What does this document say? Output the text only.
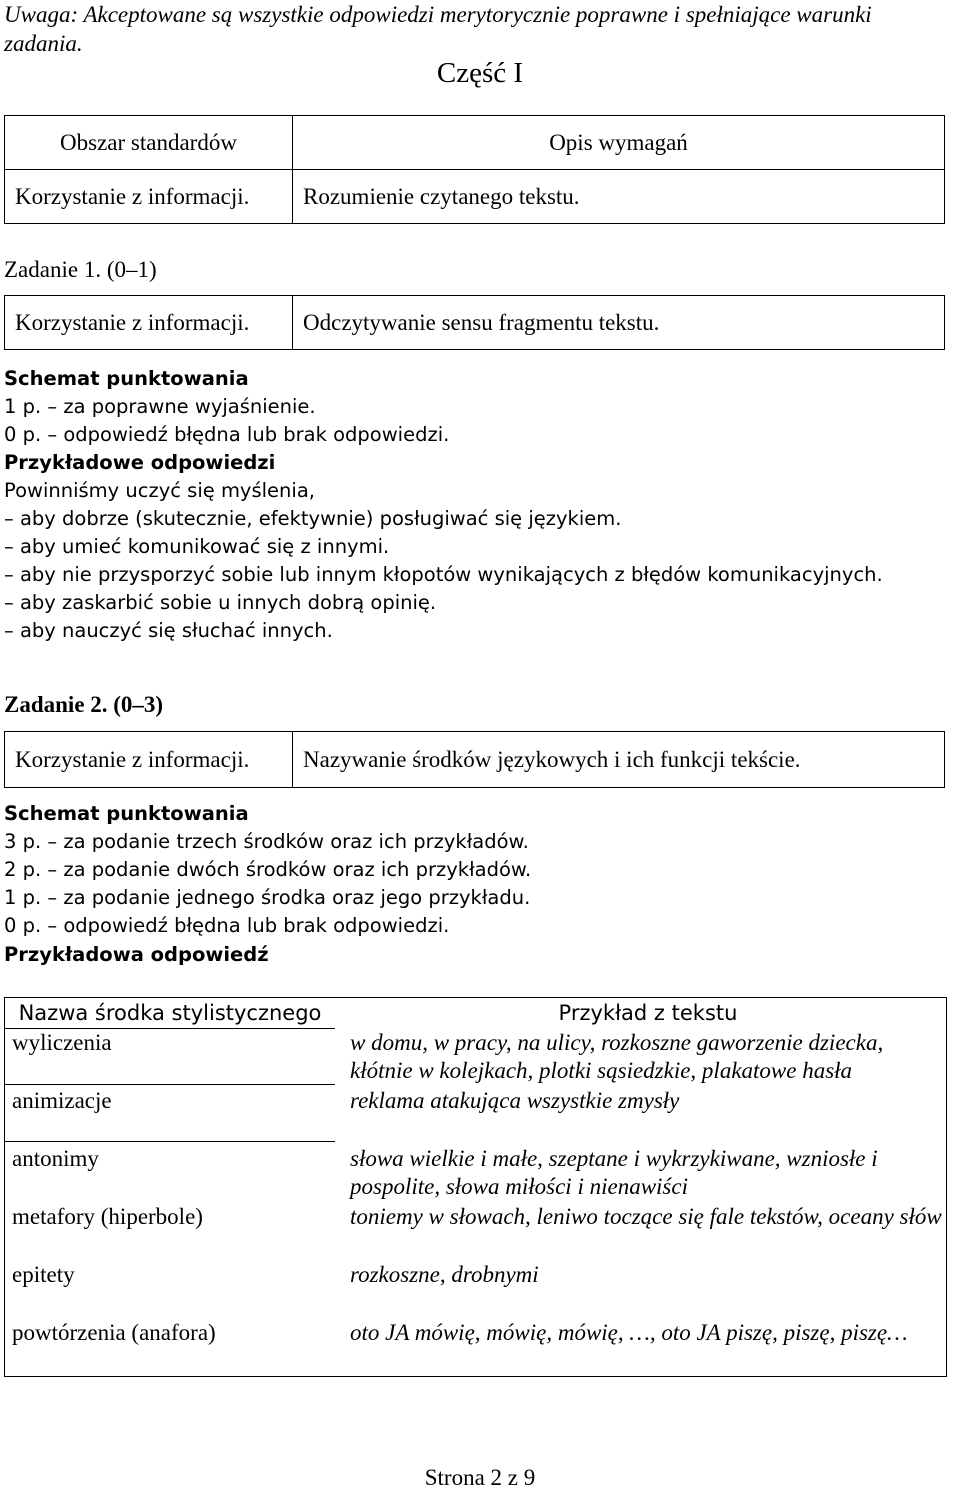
Uwaga: Akceptowane są wszystkie odpowiedzi merytorycznie poprawne i spełniające warunki zadania.
Część I
Obszar standardów	Opis wymagań
Korzystanie z informacji.	Rozumienie czytanego tekstu.
Zadanie 1. (0–1)
Korzystanie z informacji.	Odczytywanie sensu fragmentu tekstu.
Schemat punktowania
1 p. – za poprawne wyjaśnienie.
0 p. – odpowiedź błędna lub brak odpowiedzi.
Przykładowe odpowiedzi
Powinniśmy uczyć się myślenia,
– aby dobrze (skutecznie, efektywnie) posługiwać się językiem.
– aby umieć komunikować się z innymi.
– aby nie przysporzyć sobie lub innym kłopotów wynikających z błędów komunikacyjnych.
– aby zaskarbić sobie u innych dobrą opinię.
– aby nauczyć się słuchać innych.
Zadanie 2. (0–3)
Korzystanie z informacji.	Nazywanie środków językowych i ich funkcji tekście.
Schemat punktowania
3 p. – za podanie trzech środków oraz ich przykładów.
2 p. – za podanie dwóch środków oraz ich przykładów.
1 p. – za podanie jednego środka oraz jego przykładu.
0 p. – odpowiedź błędna lub brak odpowiedzi.
Przykładowa odpowiedź
Nazwa środka stylistycznego	Przykład z tekstu
wyliczenia	w domu, w pracy, na ulicy, rozkoszne gaworzenie dziecka, kłótnie w kolejkach, plotki sąsiedzkie, plakatowe hasła
animizacje	reklama atakująca wszystkie zmysły
antonimy	słowa wielkie i małe, szeptane i wykrzykiwane, wzniosłe i pospolite, słowa miłości i nienawiści
metafory (hiperbole)	toniemy w słowach, leniwo toczące się fale tekstów, oceany słów
epitety	rozkoszne, drobnymi
powtórzenia (anafora)	oto JA mówię, mówię, mówię, …, oto JA piszę, piszę, piszę…
Strona 2 z 9
